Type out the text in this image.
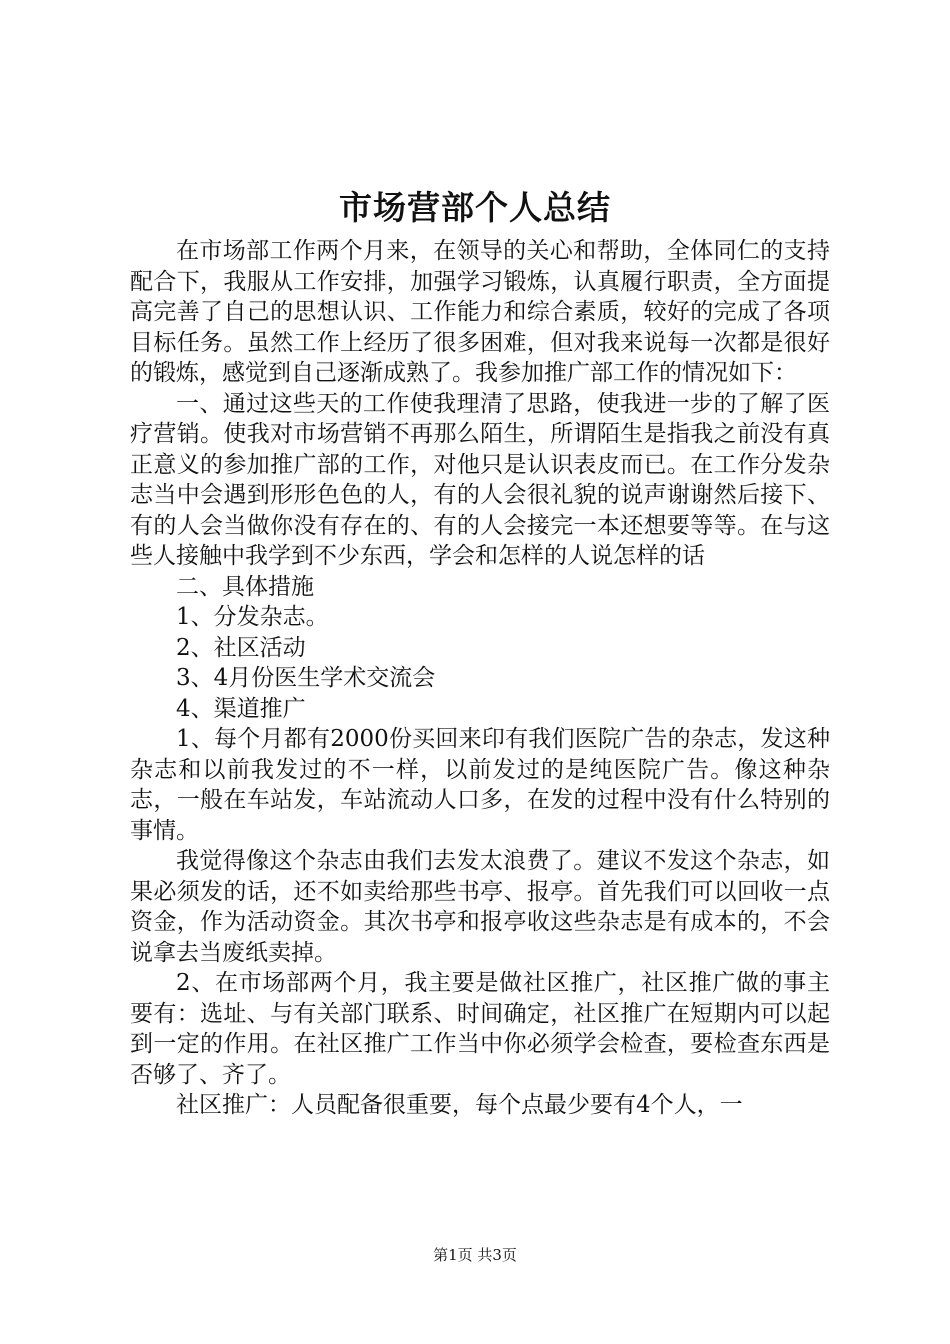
市场营部个人总结

在市场部工作两个月来，在领导的关心和帮助，全体同仁的支持配合下，我服从工作安排，加强学习锻炼，认真履行职责，全方面提高完善了自己的思想认识、工作能力和综合素质，较好的完成了各项目标任务。虽然工作上经历了很多困难，但对我来说每一次都是很好的锻炼，感觉到自己逐渐成熟了。我参加推广部工作的情况如下：

一、通过这些天的工作使我理清了思路，使我进一步的了解了医疗营销。使我对市场营销不再那么陌生，所谓陌生是指我之前没有真正意义的参加推广部的工作，对他只是认识表皮而已。在工作分发杂志当中会遇到形形色色的人，有的人会很礼貌的说声谢谢然后接下、有的人会当做你没有存在的、有的人会接完一本还想要等等。在与这些人接触中我学到不少东西，学会和怎样的人说怎样的话

二、具体措施

1、分发杂志。

2、社区活动

3、4月份医生学术交流会

4、渠道推广

1、每个月都有2000份买回来印有我们医院广告的杂志，发这种杂志和以前我发过的不一样，以前发过的是纯医院广告。像这种杂志，一般在车站发，车站流动人口多，在发的过程中没有什么特别的事情。

我觉得像这个杂志由我们去发太浪费了。建议不发这个杂志，如果必须发的话，还不如卖给那些书亭、报亭。首先我们可以回收一点资金，作为活动资金。其次书亭和报亭收这些杂志是有成本的，不会说拿去当废纸卖掉。

2、在市场部两个月，我主要是做社区推广，社区推广做的事主要有：选址、与有关部门联系、时间确定，社区推广在短期内可以起到一定的作用。在社区推广工作当中你必须学会检查，要检查东西是否够了、齐了。

社区推广：人员配备很重要，每个点最少要有4个人，一

第1页 共3页
